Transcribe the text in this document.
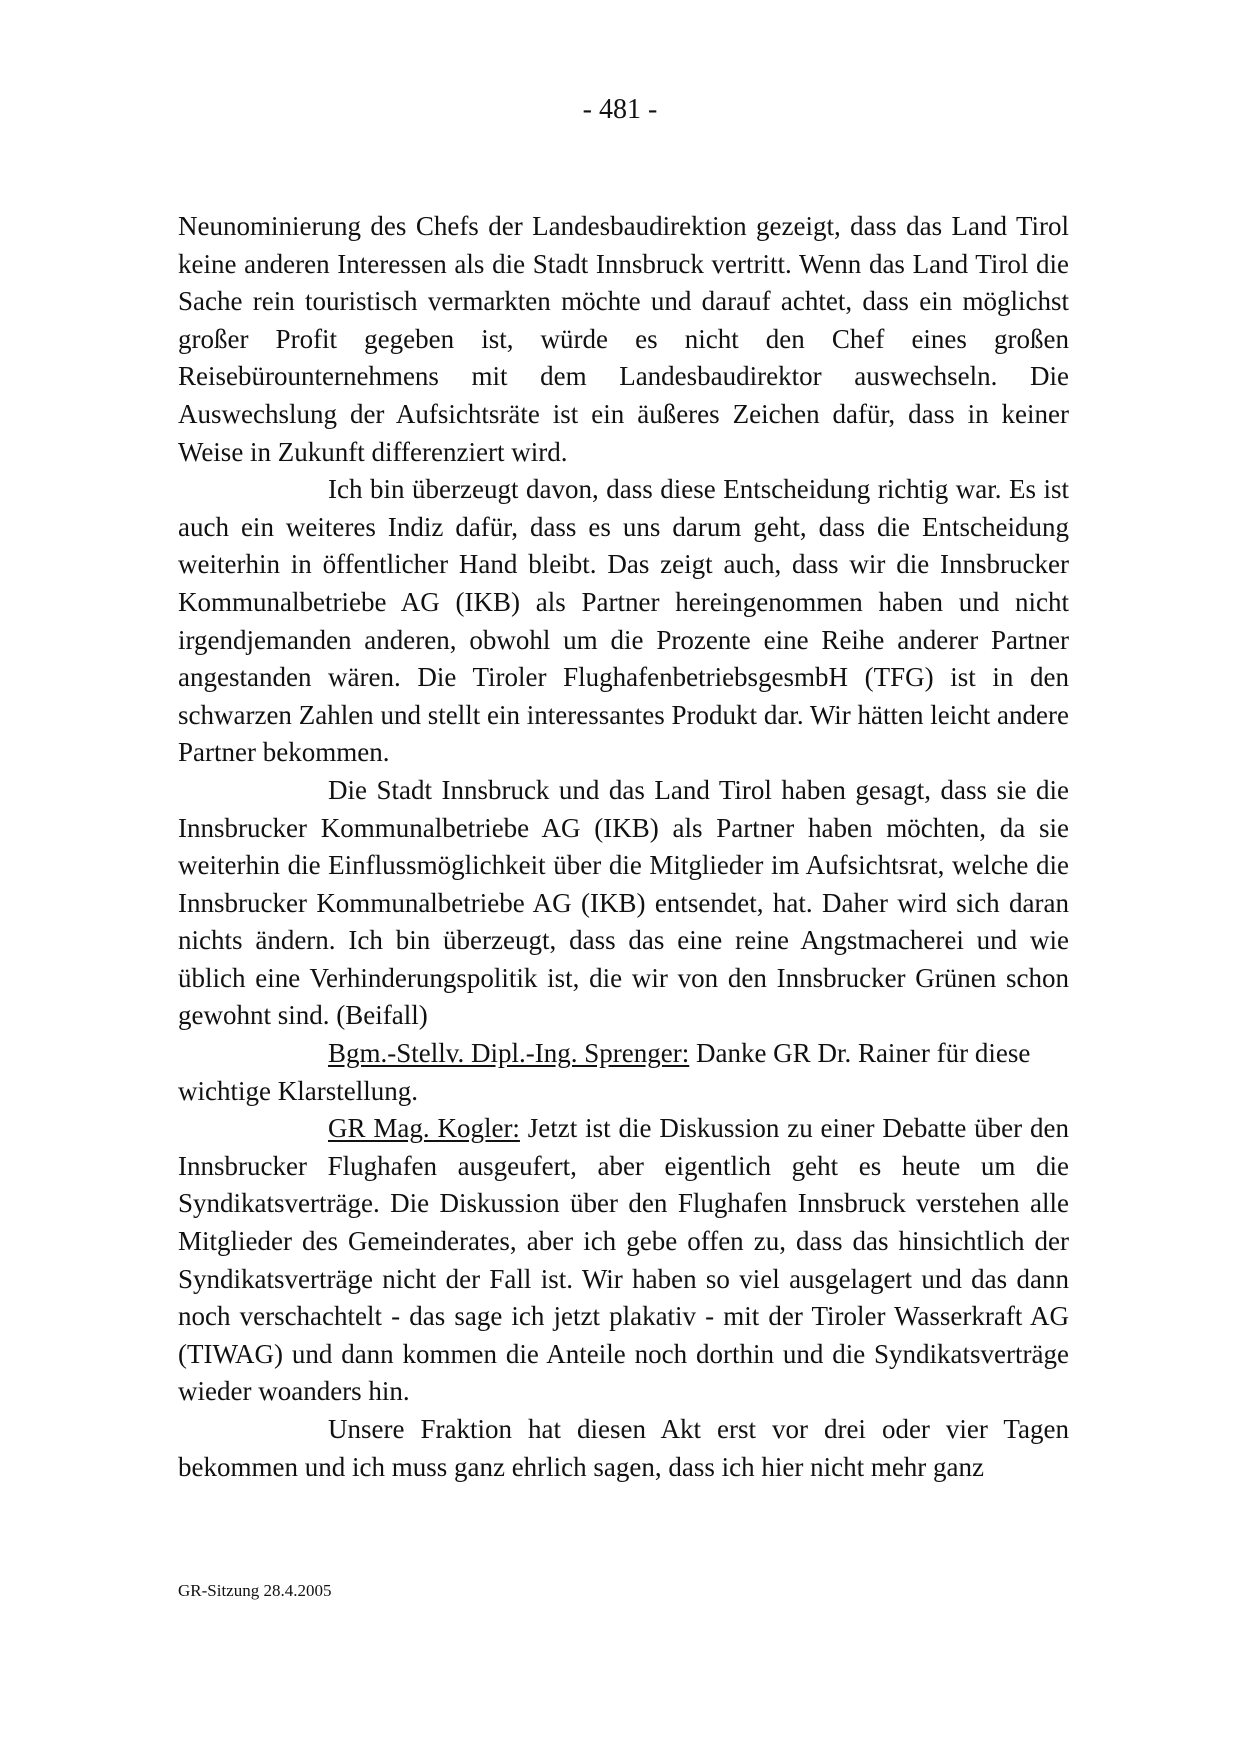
- 481 -

Neunominierung des Chefs der Landesbaudirektion gezeigt, dass das Land Tirol keine anderen Interessen als die Stadt Innsbruck vertritt. Wenn das Land Tirol die Sache rein touristisch vermarkten möchte und darauf achtet, dass ein möglichst großer Profit gegeben ist, würde es nicht den Chef eines großen Reisebürounternehmens mit dem Landesbaudirektor auswechseln. Die Auswechslung der Aufsichtsräte ist ein äußeres Zeichen dafür, dass in keiner Weise in Zukunft differenziert wird.

Ich bin überzeugt davon, dass diese Entscheidung richtig war. Es ist auch ein weiteres Indiz dafür, dass es uns darum geht, dass die Entscheidung weiterhin in öffentlicher Hand bleibt. Das zeigt auch, dass wir die Innsbrucker Kommunalbetriebe AG (IKB) als Partner hereingenommen haben und nicht irgendjemanden anderen, obwohl um die Prozente eine Reihe anderer Partner angestanden wären. Die Tiroler FlughafenbetriebsgesmbH (TFG) ist in den schwarzen Zahlen und stellt ein interessantes Produkt dar. Wir hätten leicht andere Partner bekommen.

Die Stadt Innsbruck und das Land Tirol haben gesagt, dass sie die Innsbrucker Kommunalbetriebe AG (IKB) als Partner haben möchten, da sie weiterhin die Einflussmöglichkeit über die Mitglieder im Aufsichtsrat, welche die Innsbrucker Kommunalbetriebe AG (IKB) entsendet, hat. Daher wird sich daran nichts ändern. Ich bin überzeugt, dass das eine reine Angstmacherei und wie üblich eine Verhinderungspolitik ist, die wir von den Innsbrucker Grünen schon gewohnt sind. (Beifall)

Bgm.-Stellv. Dipl.-Ing. Sprenger: Danke GR Dr. Rainer für diese wichtige Klarstellung.

GR Mag. Kogler: Jetzt ist die Diskussion zu einer Debatte über den Innsbrucker Flughafen ausgeufert, aber eigentlich geht es heute um die Syndikatsverträge. Die Diskussion über den Flughafen Innsbruck verstehen alle Mitglieder des Gemeinderates, aber ich gebe offen zu, dass das hinsichtlich der Syndikatsverträge nicht der Fall ist. Wir haben so viel ausgelagert und das dann noch verschachtelt - das sage ich jetzt plakativ - mit der Tiroler Wasserkraft AG (TIWAG) und dann kommen die Anteile noch dorthin und die Syndikatsverträge wieder woanders hin.

Unsere Fraktion hat diesen Akt erst vor drei oder vier Tagen bekommen und ich muss ganz ehrlich sagen, dass ich hier nicht mehr ganz

GR-Sitzung 28.4.2005
